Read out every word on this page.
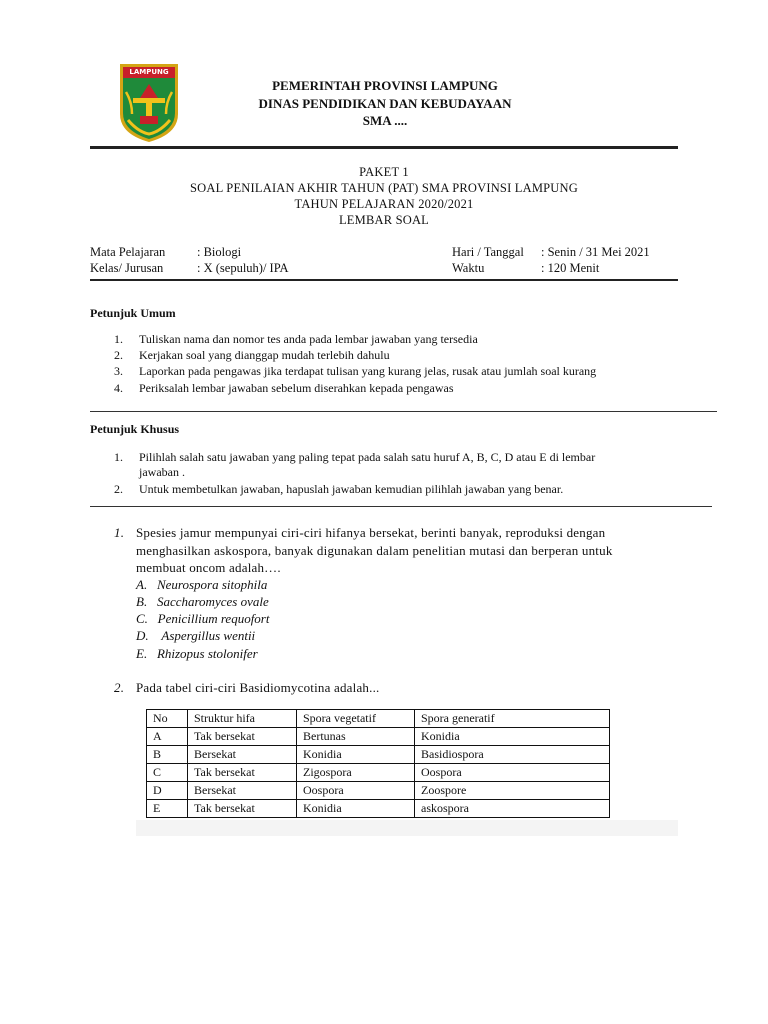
LAMPUNG
PEMERINTAH PROVINSI LAMPUNG
DINAS PENDIDIKAN DAN KEBUDAYAAN
SMA ....
PAKET 1
SOAL PENILAIAN AKHIR TAHUN (PAT) SMA PROVINSI LAMPUNG
TAHUN PELAJARAN 2020/2021
LEMBAR SOAL
Mata Pelajaran	: Biologi	Hari / Tanggal : Senin / 31 Mei 2021
Kelas/ Jurusan	: X (sepuluh)/ IPA	Waktu	: 120 Menit
Petunjuk Umum
1.	Tuliskan nama dan nomor tes anda pada lembar jawaban yang tersedia
2.	Kerjakan soal yang dianggap mudah terlebih dahulu
3.	Laporkan pada pengawas jika terdapat tulisan yang kurang jelas, rusak atau jumlah soal kurang
4.	Periksalah lembar jawaban sebelum diserahkan kepada pengawas
Petunjuk Khusus
1.	Pilihlah salah satu jawaban yang paling tepat pada salah satu huruf A, B, C, D atau E di lembar
jawaban .
2.	Untuk membetulkan jawaban, hapuslah jawaban kemudian pilihlah jawaban yang benar.
1. Spesies jamur mempunyai ciri-ciri hifanya bersekat, berinti banyak, reproduksi dengan
menghasilkan askospora, banyak digunakan dalam penelitian mutasi dan berperan untuk
membuat oncom adalah….
A.   Neurospora sitophila
B.   Saccharomyces ovale
C.   Penicillium requofort
D.    Aspergillus wentii
E.   Rhizopus stolonifer
2. Pada tabel ciri-ciri Basidiomycotina adalah...
No	Struktur hifa	Spora vegetatif	Spora generatif
A	Tak bersekat	Bertunas	Konidia
B	Bersekat	Konidia	Basidiospora
C	Tak bersekat	Zigospora	Oospora
D	Bersekat	Oospora	Zoospore
E	Tak bersekat	Konidia	askospora
